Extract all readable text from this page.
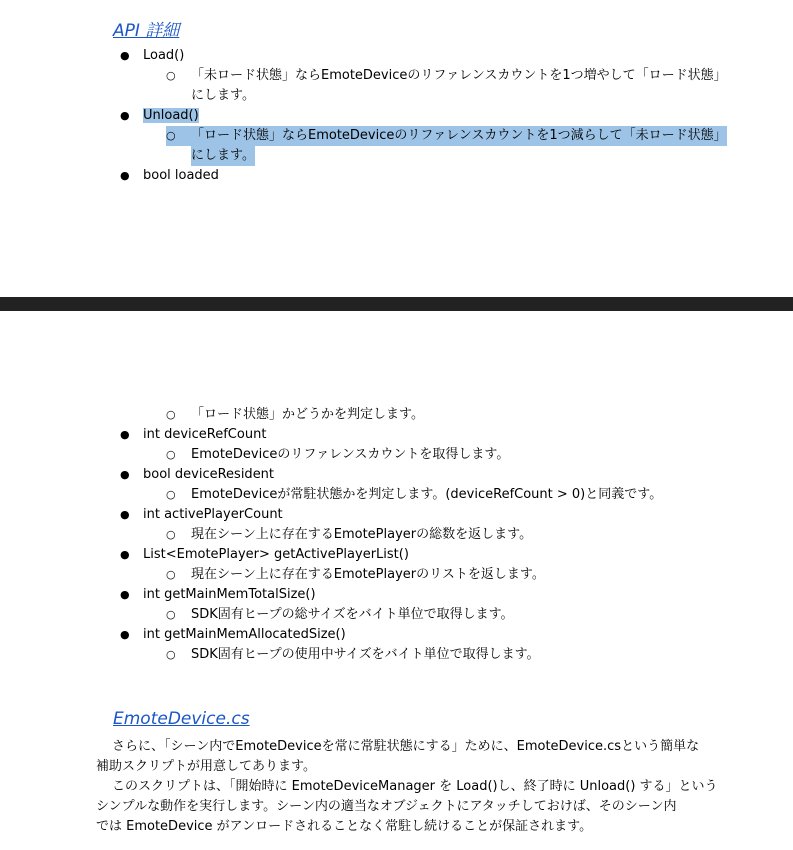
API 詳細
● Load()
○ 「未ロード状態」ならEmoteDeviceのリファレンスカウントを1つ増やして「ロード状態」
にします。
● Unload()
○ 「ロード状態」ならEmoteDeviceのリファレンスカウントを1つ減らして「未ロード状態」
にします。
● bool loaded
○ 「ロード状態」かどうかを判定します。
● int deviceRefCount
○ EmoteDeviceのリファレンスカウントを取得します。
● bool deviceResident
○ EmoteDeviceが常駐状態かを判定します。(deviceRefCount > 0)と同義です。
● int activePlayerCount
○ 現在シーン上に存在するEmotePlayerの総数を返します。
● List<EmotePlayer> getActivePlayerList()
○ 現在シーン上に存在するEmotePlayerのリストを返します。
● int getMainMemTotalSize()
○ SDK固有ヒープの総サイズをバイト単位で取得します。
● int getMainMemAllocatedSize()
○ SDK固有ヒープの使用中サイズをバイト単位で取得します。
EmoteDevice.cs
さらに、「シーン内でEmoteDeviceを常に常駐状態にする」ために、EmoteDevice.csという簡単な
補助スクリプトが用意してあります。
このスクリプトは、「開始時に EmoteDeviceManager を Load()し、終了時に Unload() する」という
シンプルな動作を実行します。シーン内の適当なオブジェクトにアタッチしておけば、そのシーン内
では EmoteDevice がアンロードされることなく常駐し続けることが保証されます。
